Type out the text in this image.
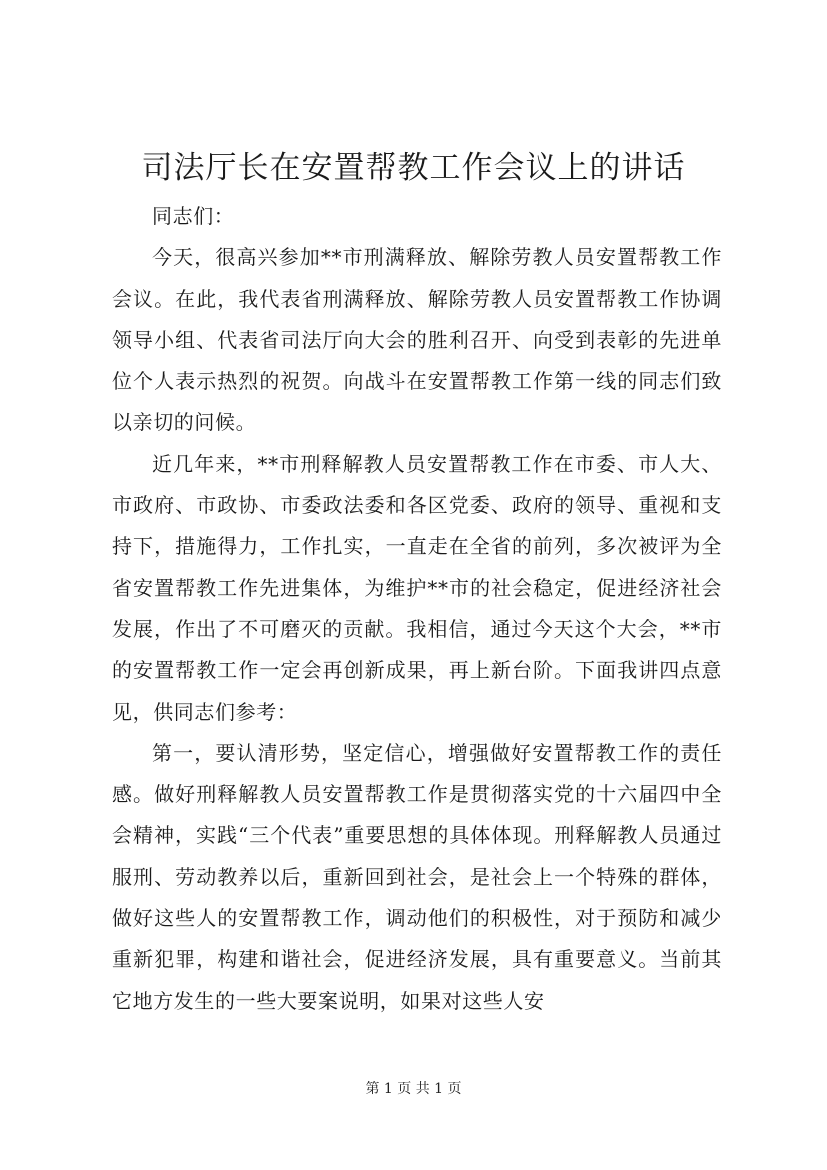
司法厅长在安置帮教工作会议上的讲话

同志们：

今天，很高兴参加**市刑满释放、解除劳教人员安置帮教工作会议。在此，我代表省刑满释放、解除劳教人员安置帮教工作协调领导小组、代表省司法厅向大会的胜利召开、向受到表彰的先进单位个人表示热烈的祝贺。向战斗在安置帮教工作第一线的同志们致以亲切的问候。

近几年来，**市刑释解教人员安置帮教工作在市委、市人大、市政府、市政协、市委政法委和各区党委、政府的领导、重视和支持下，措施得力，工作扎实，一直走在全省的前列，多次被评为全省安置帮教工作先进集体，为维护**市的社会稳定，促进经济社会发展，作出了不可磨灭的贡献。我相信，通过今天这个大会，**市的安置帮教工作一定会再创新成果，再上新台阶。下面我讲四点意见，供同志们参考：

第一，要认清形势，坚定信心，增强做好安置帮教工作的责任感。做好刑释解教人员安置帮教工作是贯彻落实党的十六届四中全会精神，实践“三个代表”重要思想的具体体现。刑释解教人员通过服刑、劳动教养以后，重新回到社会，是社会上一个特殊的群体，做好这些人的安置帮教工作，调动他们的积极性，对于预防和减少重新犯罪，构建和谐社会，促进经济发展，具有重要意义。当前其它地方发生的一些大要案说明，如果对这些人安

第 1 页 共 1 页
